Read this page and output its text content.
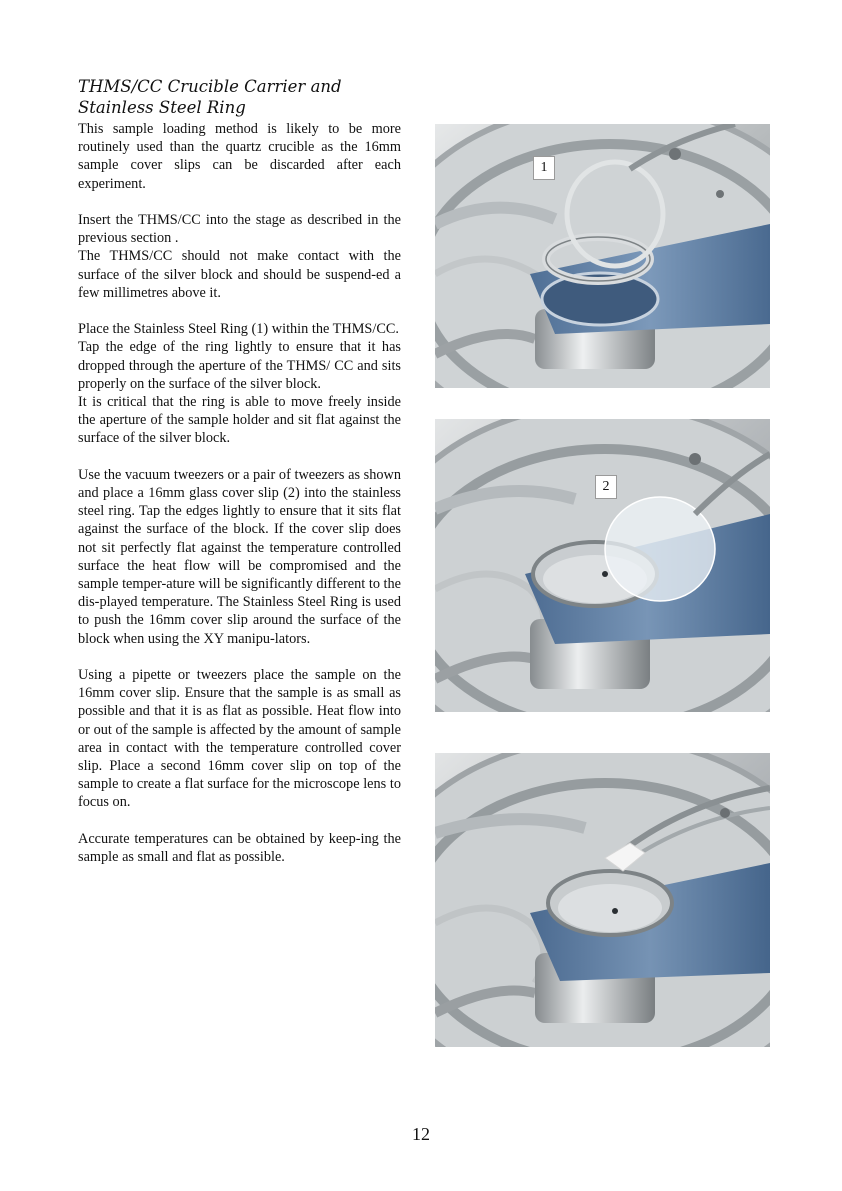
THMS/CC Crucible Carrier and
Stainless Steel Ring

This sample loading method is likely to be more routinely used than the quartz crucible as the 16mm sample cover slips can be discarded after each experiment.

Insert the THMS/CC into the stage as described in the previous section .

The THMS/CC should not make contact with the surface of the silver block and should be suspend-ed a few millimetres above it.

Place the Stainless Steel Ring (1) within the THMS/CC.

Tap the edge of the ring lightly to ensure that it has dropped through the aperture of the THMS/ CC and sits properly on the surface of the silver block.

It is critical that the ring is able to move freely inside the aperture of the sample holder and sit flat against the surface of the silver block.

Use the vacuum tweezers or a pair of tweezers as shown and place a 16mm glass cover slip (2) into the stainless steel ring. Tap the edges lightly to ensure that it sits flat against the surface of the block. If the cover slip does not sit perfectly flat against the temperature controlled surface the heat flow will be compromised and the sample temper-ature will be significantly different to the dis-played temperature. The Stainless Steel Ring is used to push the 16mm cover slip around the surface of the block when using the XY manipu-lators.

Using a pipette or tweezers place the sample on the 16mm cover slip. Ensure that the sample is as small as possible and that it is as flat as possible. Heat flow into or out of the sample is affected by the amount of sample area in contact with the temperature controlled cover slip. Place a second 16mm cover slip on top of the sample to create a flat surface for the microscope lens to focus on.

Accurate temperatures can be obtained by keep-ing the sample as small and flat as possible.

1
2
12
